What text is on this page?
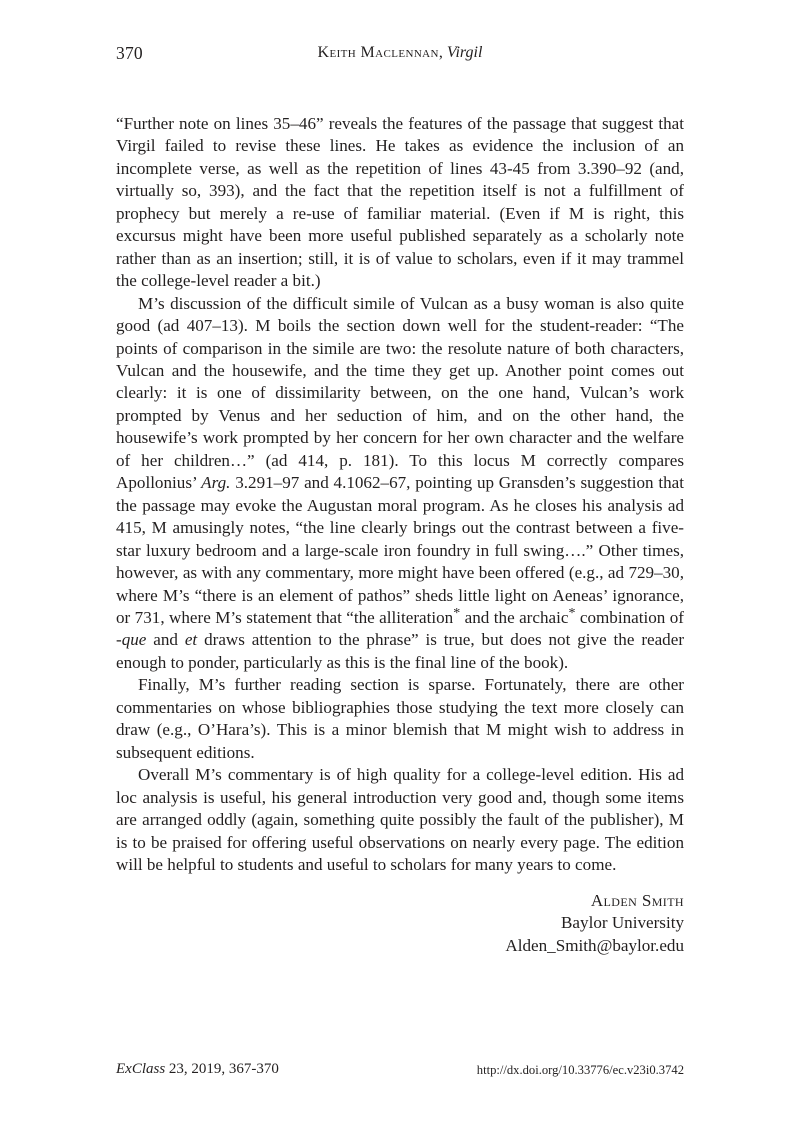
370	Keith Maclennan, Virgil

“Further note on lines 35–46” reveals the features of the passage that suggest that Virgil failed to revise these lines. He takes as evidence the inclusion of an incomplete verse, as well as the repetition of lines 43-45 from 3.390–92 (and, virtually so, 393), and the fact that the repetition itself is not a fulfillment of prophecy but merely a re-use of familiar material. (Even if M is right, this excursus might have been more useful published separately as a scholarly note rather than as an insertion; still, it is of value to scholars, even if it may trammel the college-level reader a bit.)

M’s discussion of the difficult simile of Vulcan as a busy woman is also quite good (ad 407–13). M boils the section down well for the student-reader: “The points of comparison in the simile are two: the resolute nature of both characters, Vulcan and the housewife, and the time they get up. Another point comes out clearly: it is one of dissimilarity between, on the one hand, Vulcan’s work prompted by Venus and her seduction of him, and on the other hand, the housewife’s work prompted by her concern for her own character and the welfare of her children…” (ad 414, p. 181). To this locus M correctly compares Apollonius’ Arg. 3.291–97 and 4.1062–67, pointing up Gransden’s suggestion that the passage may evoke the Augustan moral program. As he closes his analysis ad 415, M amusingly notes, “the line clearly brings out the contrast between a five-star luxury bedroom and a large-scale iron foundry in full swing….” Other times, however, as with any commentary, more might have been offered (e.g., ad 729–30, where M’s “there is an element of pathos” sheds little light on Aeneas’ ignorance, or 731, where M’s statement that “the alliteration* and the archaic* combination of -que and et draws attention to the phrase” is true, but does not give the reader enough to ponder, particularly as this is the final line of the book).

Finally, M’s further reading section is sparse. Fortunately, there are other commentaries on whose bibliographies those studying the text more closely can draw (e.g., O’Hara’s). This is a minor blemish that M might wish to address in subsequent editions.

Overall M’s commentary is of high quality for a college-level edition. His ad loc analysis is useful, his general introduction very good and, though some items are arranged oddly (again, something quite possibly the fault of the publisher), M is to be praised for offering useful observations on nearly every page. The edition will be helpful to students and useful to scholars for many years to come.

Alden Smith
Baylor University
Alden_Smith@baylor.edu
ExClass 23, 2019, 367-370	http://dx.doi.org/10.33776/ec.v23i0.3742
